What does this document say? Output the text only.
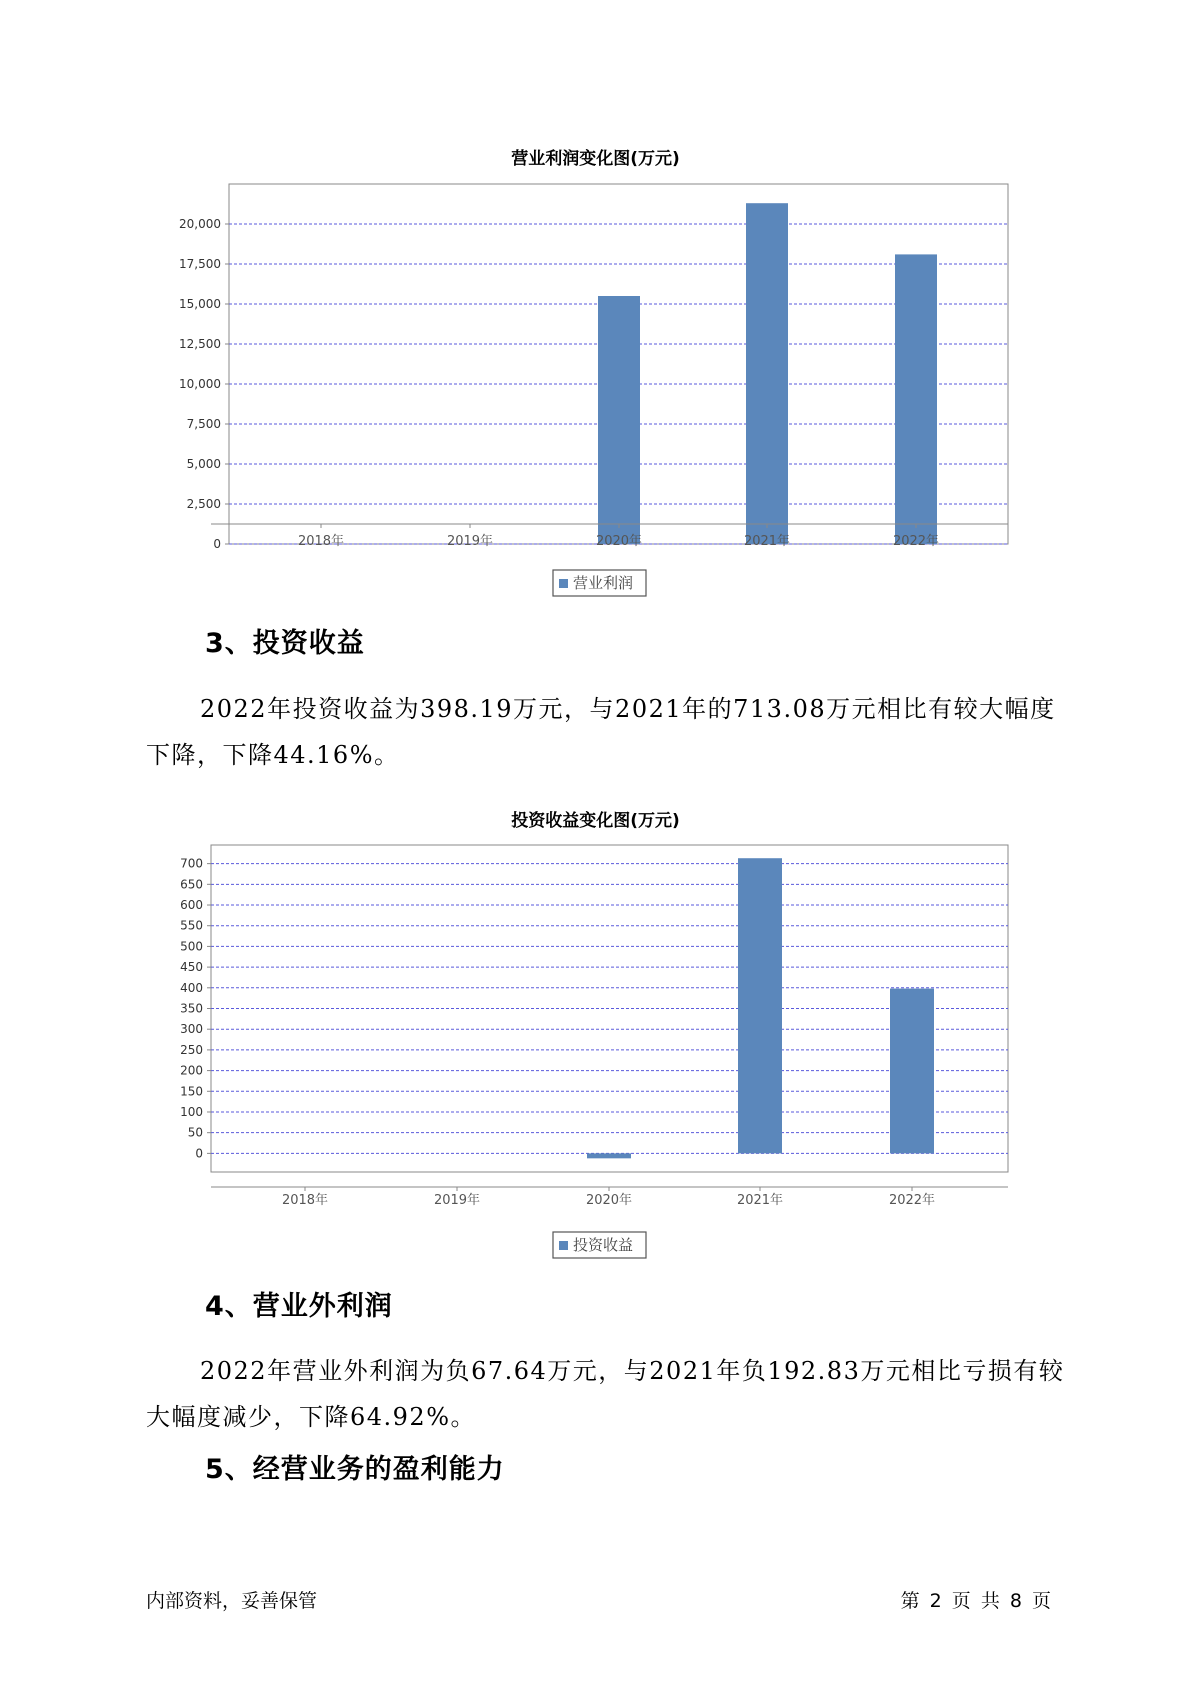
营业利润变化图(万元)
0
2,500
5,000
7,500
10,000
12,500
15,000
17,500
20,000
2018年	2019年	2020年	2021年	2022年
营业利润
3、投资收益
2022年投资收益为398.19万元，与2021年的713.08万元相比有较大幅度下降，下降44.16%。
投资收益变化图(万元)
0
50
100
150
200
250
300
350
400
450
500
550
600
650
700
2018年	2019年	2020年	2021年	2022年
投资收益
4、营业外利润
2022年营业外利润为负67.64万元，与2021年负192.83万元相比亏损有较大幅度减少，下降64.92%。
5、经营业务的盈利能力
内部资料，妥善保管	第 2 页 共 8 页
